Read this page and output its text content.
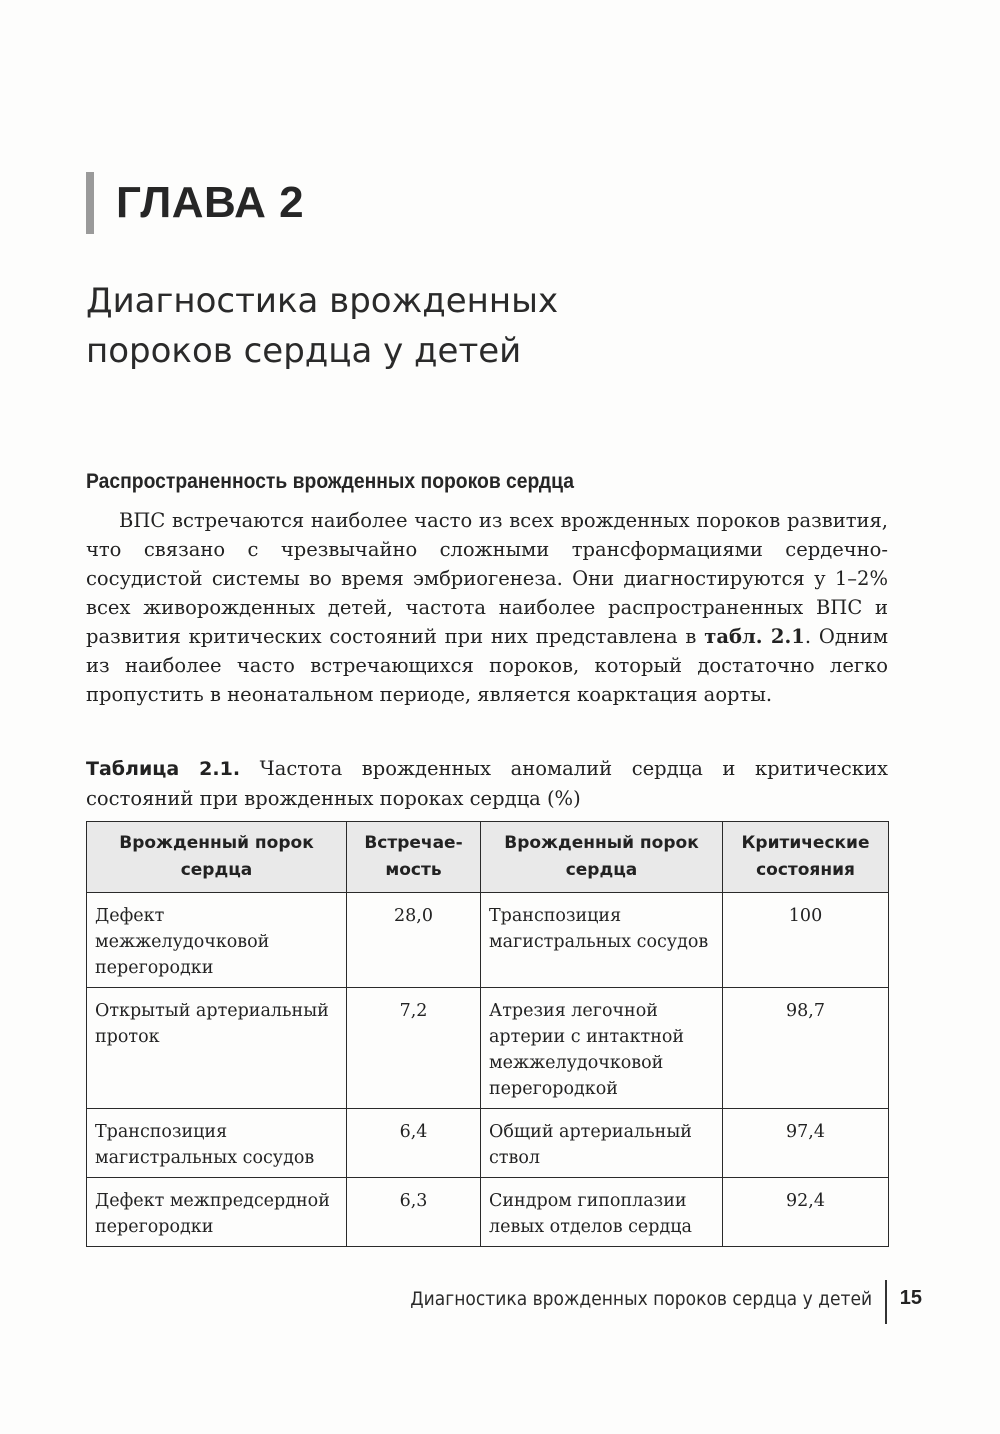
ГЛАВА 2
Диагностика врожденных
пороков сердца у детей
Распространенность врожденных пороков сердца

ВПС встречаются наиболее часто из всех врожденных пороков развития, что связано с чрезвычайно сложными трансформациями сердечно-сосудистой системы во время эмбриогенеза. Они диагностируются у 1–2% всех живорожденных детей, частота наиболее распространенных ВПС и развития критических состояний при них представлена в табл. 2.1. Одним из наиболее часто встречающихся пороков, который достаточно легко пропустить в неонатальном периоде, является коарктация аорты.

Таблица 2.1. Частота врожденных аномалий сердца и критических состояний при врожденных пороках сердца (%)

Врожденный порок сердца	Встречае-мость	Врожденный порок сердца	Критические состояния
Дефект межжелудочковой перегородки	28,0	Транспозиция магистральных сосудов	100
Открытый артериальный проток	7,2	Атрезия легочной артерии с интактной межжелудочковой перегородкой	98,7
Транспозиция магистральных сосудов	6,4	Общий артериальный ствол	97,4
Дефект межпредсердной перегородки	6,3	Синдром гипоплазии левых отделов сердца	92,4
Диагностика врожденных пороков сердца у детей 15
